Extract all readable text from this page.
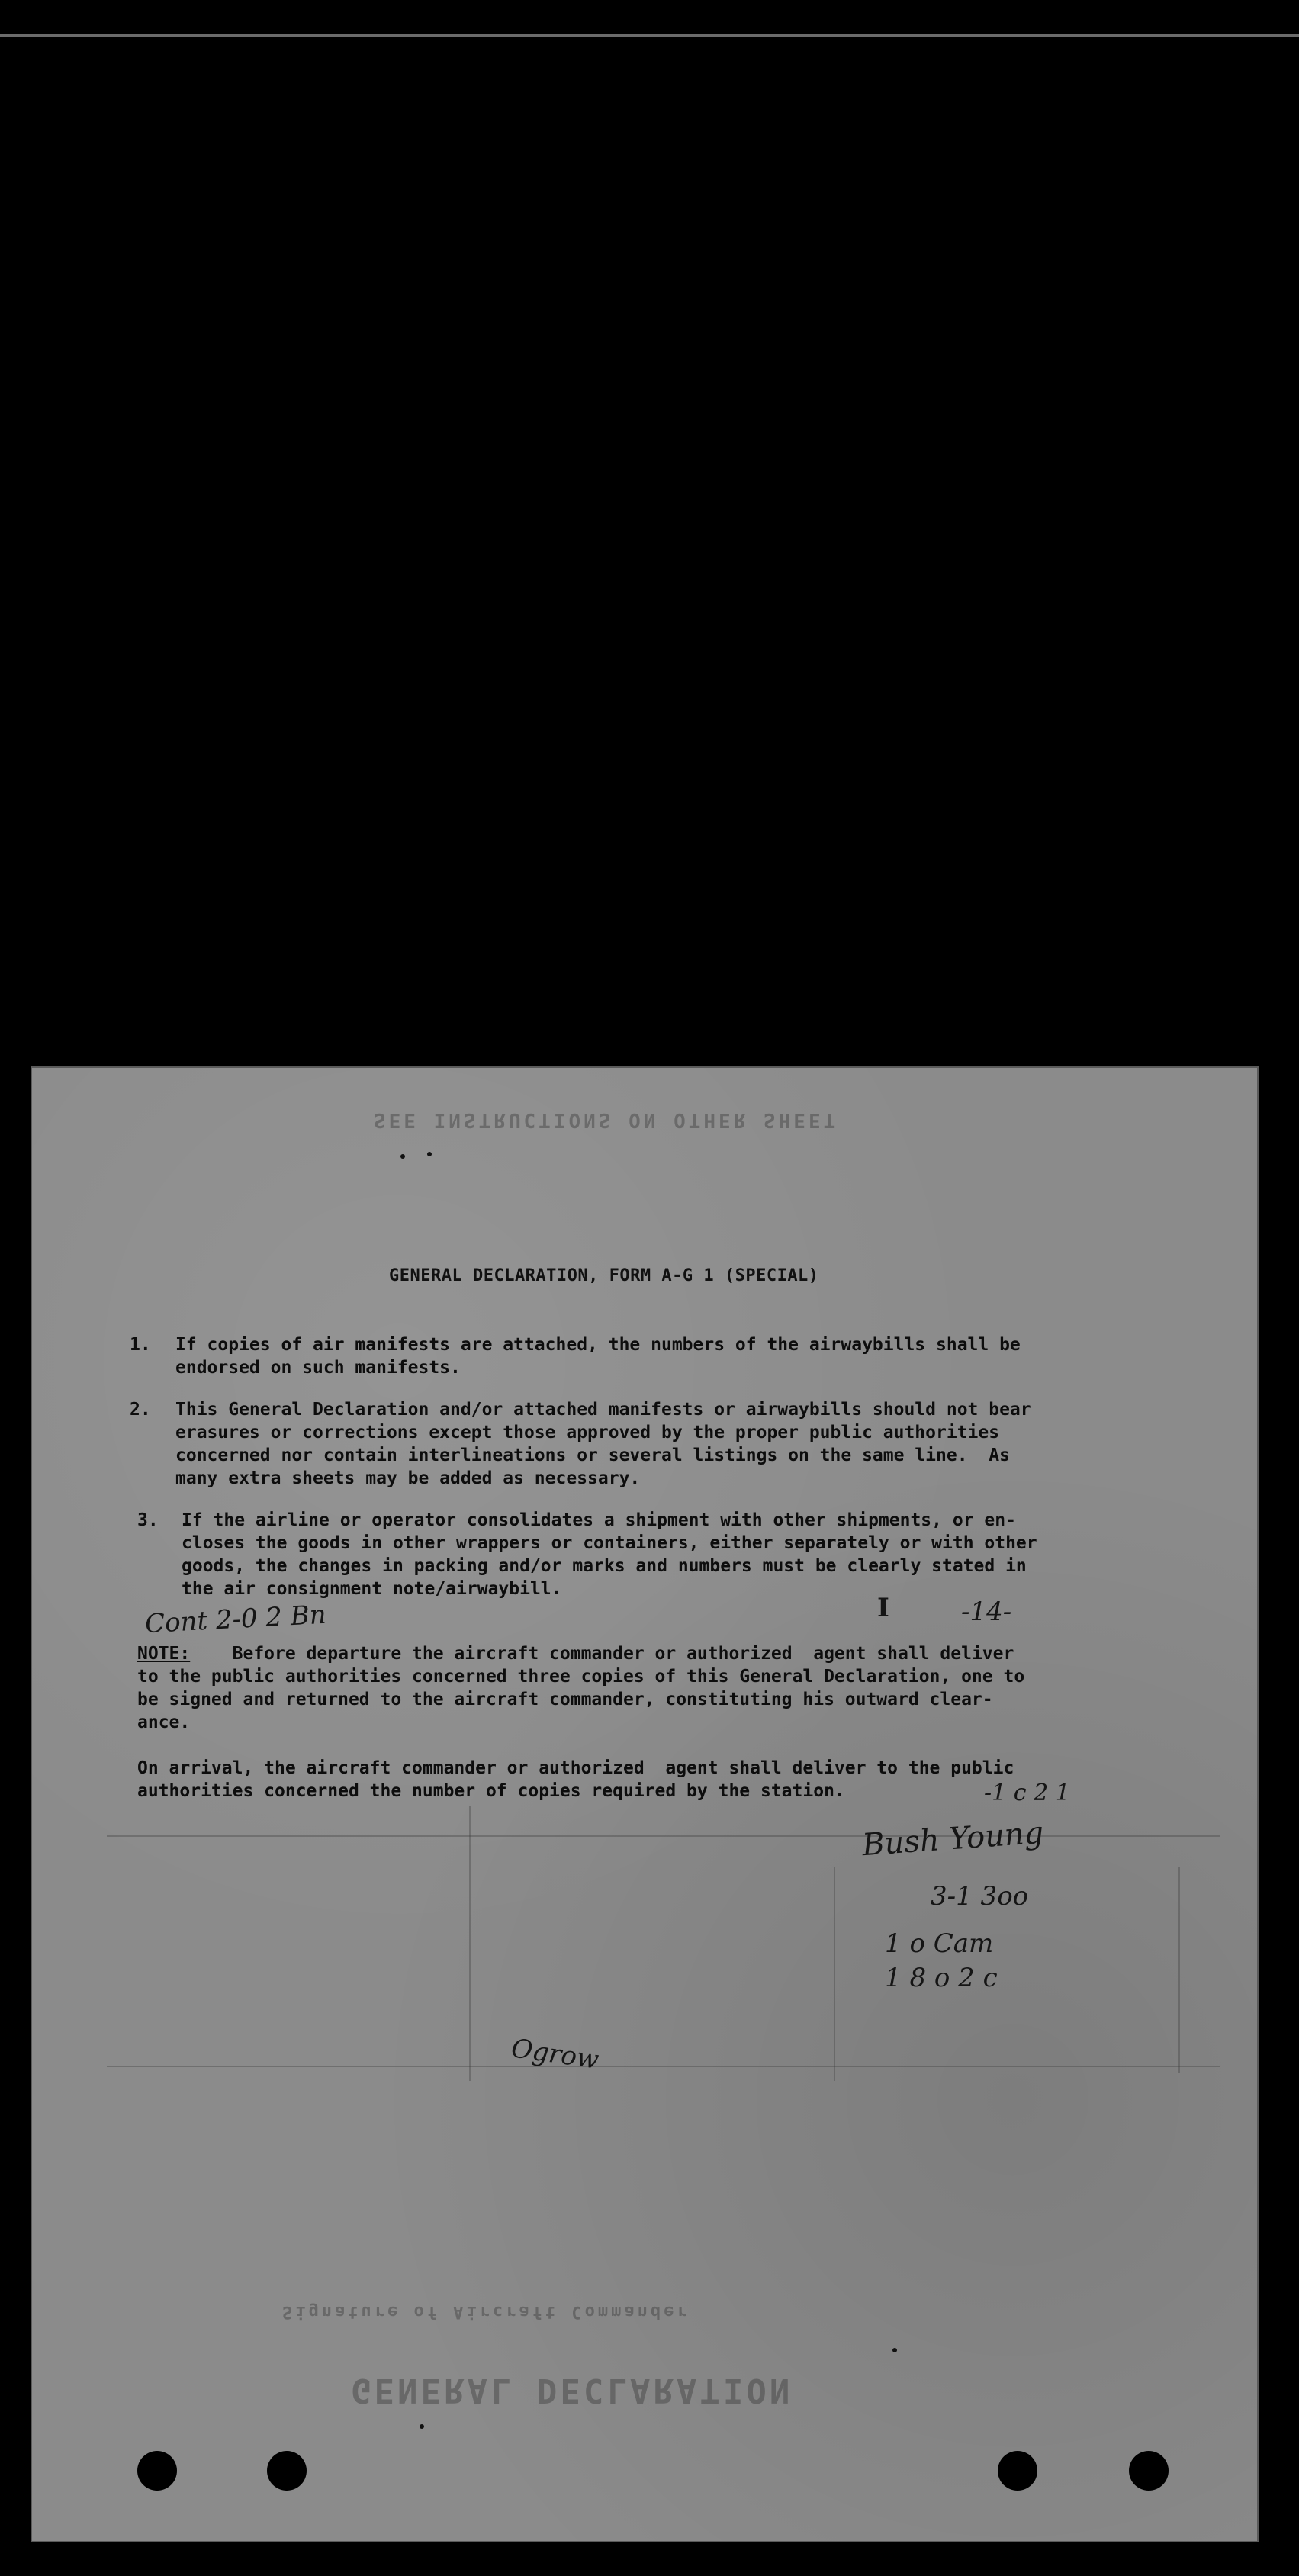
SEE INSTRUCTIONS ON OTHER SHEET
Signature of Aircraft Commander
GENERAL DECLARATION
GENERAL DECLARATION, FORM A-G 1 (SPECIAL)
1.	If copies of air manifests are attached, the numbers of the airwaybills shall be
endorsed on such manifests.
2.	This General Declaration and/or attached manifests or airwaybills should not bear
erasures or corrections except those approved by the proper public authorities
concerned nor contain interlineations or several listings on the same line.  As
many extra sheets may be added as necessary.
3.	If the airline or operator consolidates a shipment with other shipments, or en-
closes the goods in other wrappers or containers, either separately or with other
goods, the changes in packing and/or marks and numbers must be clearly stated in
the air consignment note/airwaybill.
NOTE:    Before departure the aircraft commander or authorized  agent shall deliver
to the public authorities concerned three copies of this General Declaration, one to
be signed and returned to the aircraft commander, constituting his outward clear-
ance.
On arrival, the aircraft commander or authorized  agent shall deliver to the public
authorities concerned the number of copies required by the station.
Cont 2-0 2 Bn	I	-14-
-1 c 2 1
Bush Young
3-1 3oo
1 o Cam
1 8 o 2 c
Ogrow
